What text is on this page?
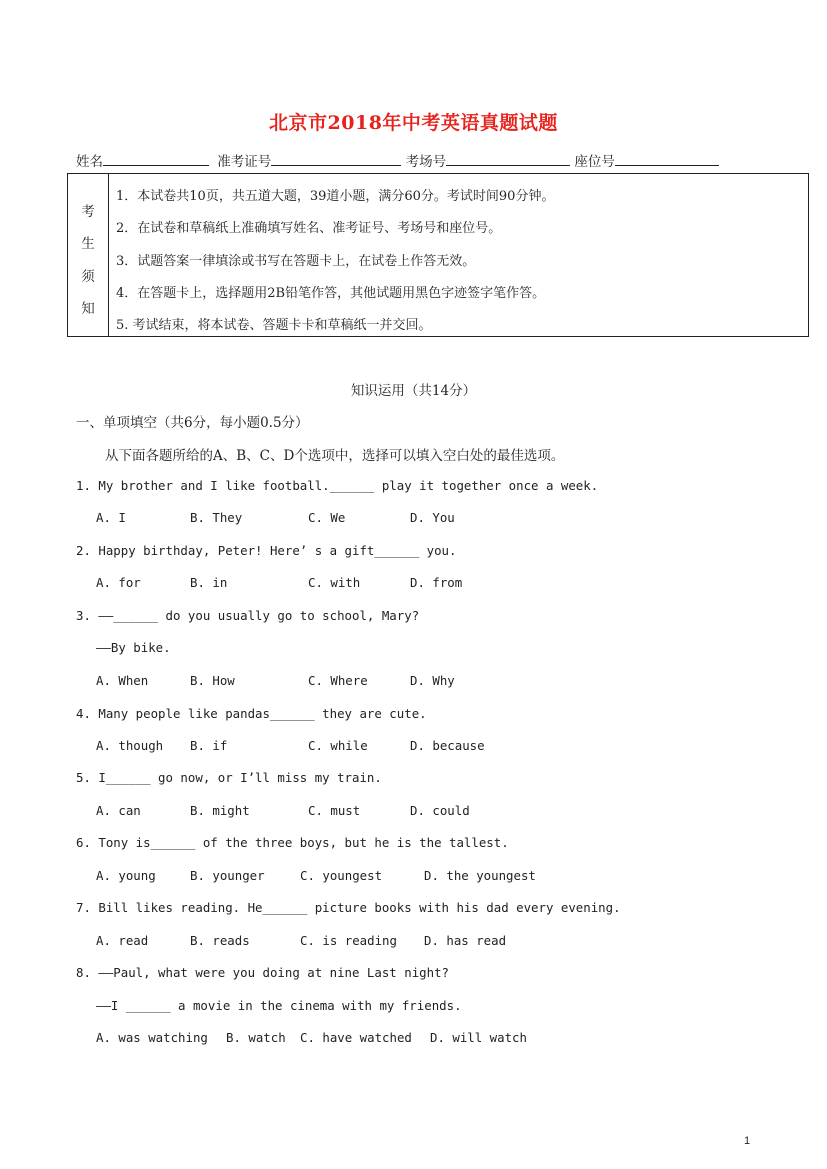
北京市2018年中考英语真题试题
姓名	准考证号	考场号	座位号
考
生
须
知
1．本试卷共10页，共五道大题，39道小题，满分60分。考试时间90分钟。
2．在试卷和草稿纸上准确填写姓名、准考证号、考场号和座位号。
3．试题答案一律填涂或书写在答题卡上，在试卷上作答无效。
4．在答题卡上，选择题用2B铅笔作答，其他试题用黑色字迹签字笔作答。
5. 考试结束，将本试卷、答题卡卡和草稿纸一并交回。
知识运用（共14分）
一、单项填空（共6分，每小题0.5分）
从下面各题所给的A、B、C、D个选项中，选择可以填入空白处的最佳选项。
1. My brother and I like football.______ play it together once a week.
A. I	B. They	C. We	D. You
2. Happy birthday, Peter! Here’ s a gift______ you.
A. for	B. in	C. with	D. from
3. ——______ do you usually go to school, Mary?
——By bike.
A. When	B. How	C. Where	D. Why
4. Many people like pandas______ they are cute.
A. though B. if	C. while	D. because
5. I______ go now, or I’ll miss my train.
A. can	B. might	C. must	D. could
6. Tony is______ of the three boys, but he is the tallest.
A. young	B. younger	C. youngest	D. the youngest
7. Bill likes reading. He______ picture books with his dad every evening.
A. read	B. reads	C. is reading D. has read
8. ——Paul, what were you doing at nine Last night?
——I ______ a movie in the cinema with my friends.
A. was watching B. watch C. have watched D. will watch
1
